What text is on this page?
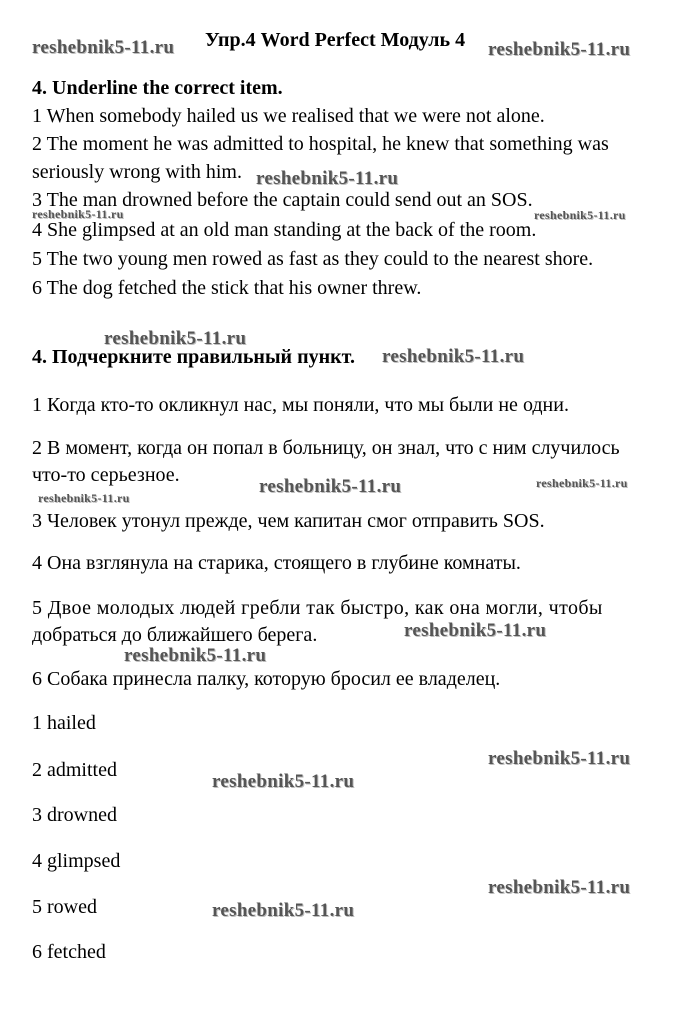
Упр.4 Word Perfect Модуль 4
4. Underline the correct item.
1 When somebody hailed us we realised that we were not alone.
2 The moment he was admitted to hospital, he knew that something was
seriously wrong with him.
3 The man drowned before the captain could send out an SOS.
4 She glimpsed at an old man standing at the back of the room.
5 The two young men rowed as fast as they could to the nearest shore.
6 The dog fetched the stick that his owner threw.
4. Подчеркните правильный пункт.
1 Когда кто-то окликнул нас, мы поняли, что мы были не одни.
2 В момент, когда он попал в больницу, он знал, что с ним случилось
что-то серьезное.
3 Человек утонул прежде, чем капитан смог отправить SOS.
4 Она взглянула на старика, стоящего в глубине комнаты.
5 Двое молодых людей гребли так быстро, как она могли, чтобы
добраться до ближайшего берега.
6 Собака принесла палку, которую бросил ее владелец.
1 hailed
2 admitted
3 drowned
4 glimpsed
5 rowed
6 fetched
reshebnik5-11.ru	reshebnik5-11.ru
reshebnik5-11.ru
reshebnik5-11.ru	reshebnik5-11.ru
reshebnik5-11.ru
reshebnik5-11.ru
reshebnik5-11.ru
reshebnik5-11.ru
reshebnik5-11.ru
reshebnik5-11.ru
reshebnik5-11.ru
reshebnik5-11.ru
reshebnik5-11.ru
reshebnik5-11.ru
reshebnik5-11.ru
